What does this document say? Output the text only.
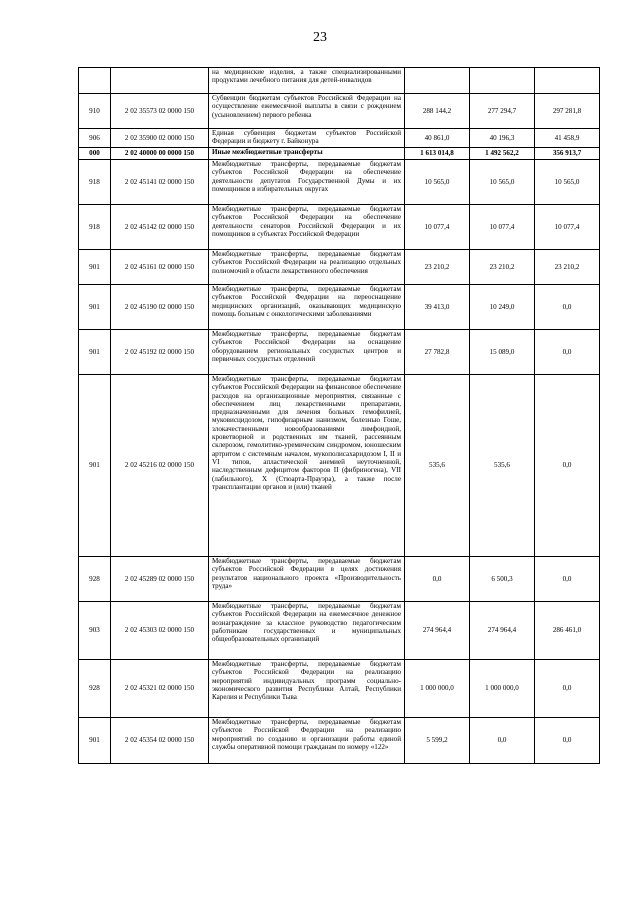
23
		на медицинские изделия, а также специализированными продуктами лечебного питания для детей-инвалидов			
910	2 02 35573 02 0000 150	Субвенции бюджетам субъектов Российской Федерации на осуществление ежемесячной выплаты в связи с рождением (усыновлением) первого ребенка	288 144,2	277 294,7	297 281,8
906	2 02 35900 02 0000 150	Единая субвенция бюджетам субъектов Российской Федерации и бюджету г. Байконура	40 861,0	40 196,3	41 458,9
000	2 02 40000 00 0000 150	Иные межбюджетные трансферты	1 613 014,8	1 492 562,2	356 913,7
918	2 02 45141 02 0000 150	Межбюджетные трансферты, передаваемые бюджетам субъектов Российской Федерации на обеспечение деятельности депутатов Государственной Думы и их помощников в избирательных округах	10 565,0	10 565,0	10 565,0
918	2 02 45142 02 0000 150	Межбюджетные трансферты, передаваемые бюджетам субъектов Российской Федерации на обеспечение деятельности сенаторов Российской Федерации и их помощников в субъектах Российской Федерации	10 077,4	10 077,4	10 077,4
901	2 02 45161 02 0000 150	Межбюджетные трансферты, передаваемые бюджетам субъектов Российской Федерации на реализацию отдельных полномочий в области лекарственного обеспечения	23 210,2	23 210,2	23 210,2
901	2 02 45190 02 0000 150	Межбюджетные трансферты, передаваемые бюджетам субъектов Российской Федерации на переоснащение медицинских организаций, оказывающих медицинскую помощь больным с онкологическими заболеваниями	39 413,0	10 249,0	0,0
901	2 02 45192 02 0000 150	Межбюджетные трансферты, передаваемые бюджетам субъектов Российской Федерации на оснащение оборудованием региональных сосудистых центров и первичных сосудистых отделений	27 782,8	15 089,0	0,0
901	2 02 45216 02 0000 150	Межбюджетные трансферты, передаваемые бюджетам субъектов Российской Федерации на финансовое обеспечение расходов на организационные мероприятия, связанные с обеспечением лиц лекарственными препаратами, предназначенными для лечения больных гемофилией, муковисцидозом, гипофизарным нанизмом, болезнью Гоше, злокачественными новообразованиями лимфоидной, кроветворной и родственных им тканей, рассеянным склерозом, гемолитико-уремическим синдромом, юношеским артритом с системным началом, мукополисахаридозом I, II и VI типов, апластической анемией неуточненной, наследственным дефицитом факторов II (фибриногена), VII (лабильного), X (Стюарта-Прауэра), а также после трансплантации органов и (или) тканей	535,6	535,6	0,0
928	2 02 45289 02 0000 150	Межбюджетные трансферты, передаваемые бюджетам субъектов Российской Федерации в целях достижения результатов национального проекта «Производительность труда»	0,0	6 500,3	0,0
903	2 02 45303 02 0000 150	Межбюджетные трансферты, передаваемые бюджетам субъектов Российской Федерации на ежемесячное денежное вознаграждение за классное руководство педагогическим работникам государственных и муниципальных общеобразовательных организаций	274 964,4	274 964,4	286 461,0
928	2 02 45321 02 0000 150	Межбюджетные трансферты, передаваемые бюджетам субъектов Российской Федерации на реализацию мероприятий индивидуальных программ социально-экономического развития Республики Алтай, Республики Карелия и Республики Тыва	1 000 000,0	1 000 000,0	0,0
901	2 02 45354 02 0000 150	Межбюджетные трансферты, передаваемые бюджетам субъектов Российской Федерации на реализацию мероприятий по созданию и организации работы единой службы оперативной помощи гражданам по номеру «122»	5 599,2	0,0	0,0
